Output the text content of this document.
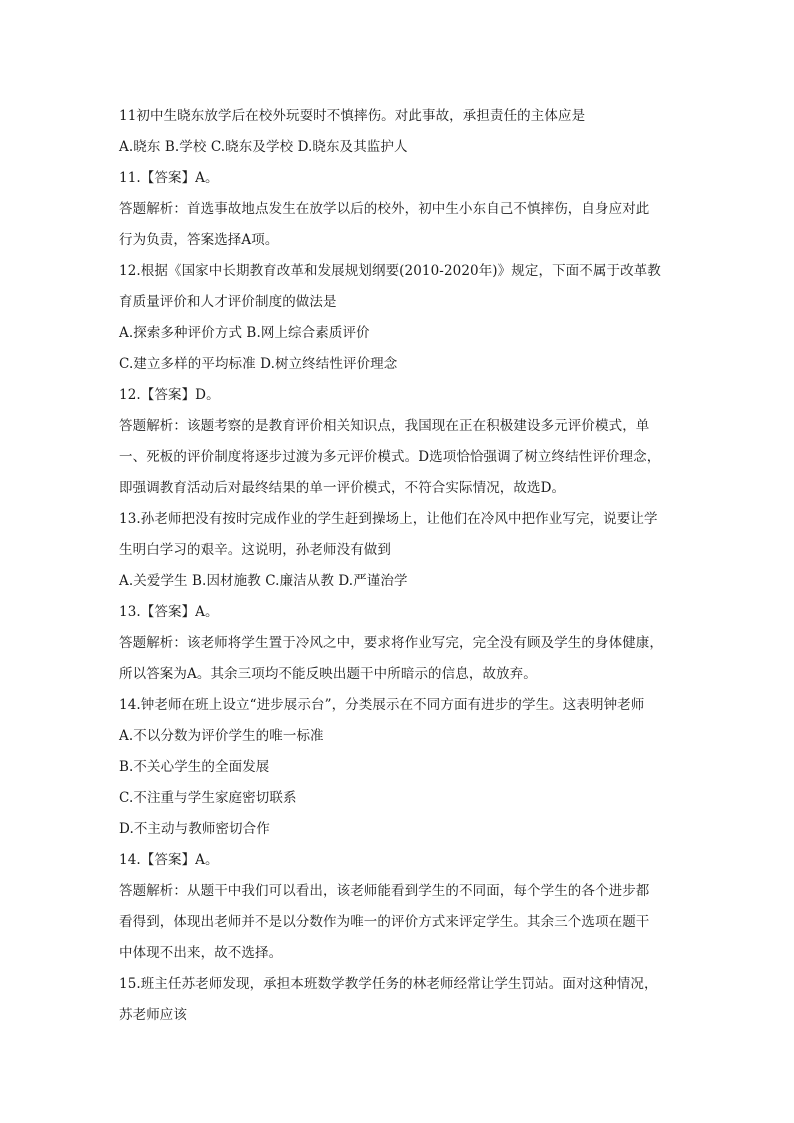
11初中生晓东放学后在校外玩耍时不慎摔伤。对此事故，承担责任的主体应是
A.晓东 B.学校 C.晓东及学校 D.晓东及其监护人
11.【答案】A。
答题解析：首选事故地点发生在放学以后的校外，初中生小东自己不慎摔伤，自身应对此
行为负责，答案选择A项。
12.根据《国家中长期教育改革和发展规划纲要(2010-2020年)》规定，下面不属于改革教
育质量评价和人才评价制度的做法是
A.探索多种评价方式 B.网上综合素质评价
C.建立多样的平均标准 D.树立终结性评价理念
12.【答案】D。
答题解析：该题考察的是教育评价相关知识点，我国现在正在积极建设多元评价模式，单
一、死板的评价制度将逐步过渡为多元评价模式。D选项恰恰强调了树立终结性评价理念，
即强调教育活动后对最终结果的单一评价模式，不符合实际情况，故选D。
13.孙老师把没有按时完成作业的学生赶到操场上，让他们在冷风中把作业写完，说要让学
生明白学习的艰辛。这说明，孙老师没有做到
A.关爱学生 B.因材施教 C.廉洁从教 D.严谨治学
13.【答案】A。
答题解析：该老师将学生置于冷风之中，要求将作业写完，完全没有顾及学生的身体健康，
所以答案为A。其余三项均不能反映出题干中所暗示的信息，故放弃。
14.钟老师在班上设立“进步展示台”，分类展示在不同方面有进步的学生。这表明钟老师
A.不以分数为评价学生的唯一标准
B.不关心学生的全面发展
C.不注重与学生家庭密切联系
D.不主动与教师密切合作
14.【答案】A。
答题解析：从题干中我们可以看出，该老师能看到学生的不同面，每个学生的各个进步都
看得到，体现出老师并不是以分数作为唯一的评价方式来评定学生。其余三个选项在题干
中体现不出来，故不选择。
15.班主任苏老师发现，承担本班数学教学任务的林老师经常让学生罚站。面对这种情况，
苏老师应该
